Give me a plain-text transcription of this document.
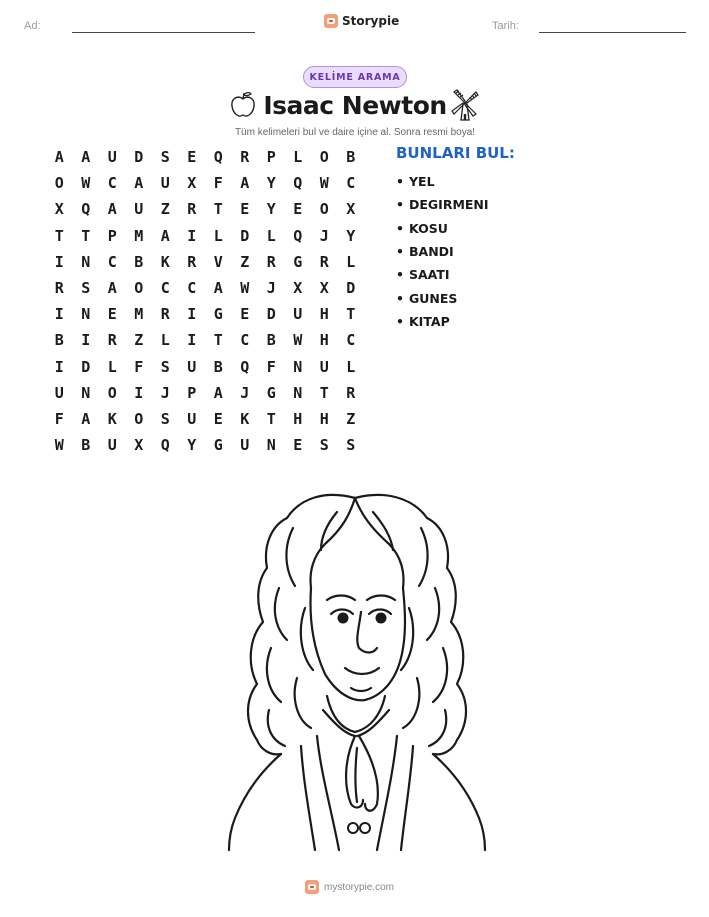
Ad:	Storypie	Tarih:
KELİME ARAMA
Isaac Newton
Tüm kelimeleri bul ve daire içine al. Sonra resmi boya!
A	A	U	D	S	E	Q	R	P	L	O	B
O	W	C	A	U	X	F	A	Y	Q	W	C
X	Q	A	U	Z	R	T	E	Y	E	O	X
T	T	P	M	A	I	L	D	L	Q	J	Y
I	N	C	B	K	R	V	Z	R	G	R	L
R	S	A	O	C	C	A	W	J	X	X	D
I	N	E	M	R	I	G	E	D	U	H	T
B	I	R	Z	L	I	T	C	B	W	H	C
I	D	L	F	S	U	B	Q	F	N	U	L
U	N	O	I	J	P	A	J	G	N	T	R
F	A	K	O	S	U	E	K	T	H	H	Z
W	B	U	X	Q	Y	G	U	N	E	S	S
BUNLARI BUL:
• YEL
• DEGIRMENI
• KOSU
• BANDI
• SAATI
• GUNES
• KITAP
mystorypie.com
